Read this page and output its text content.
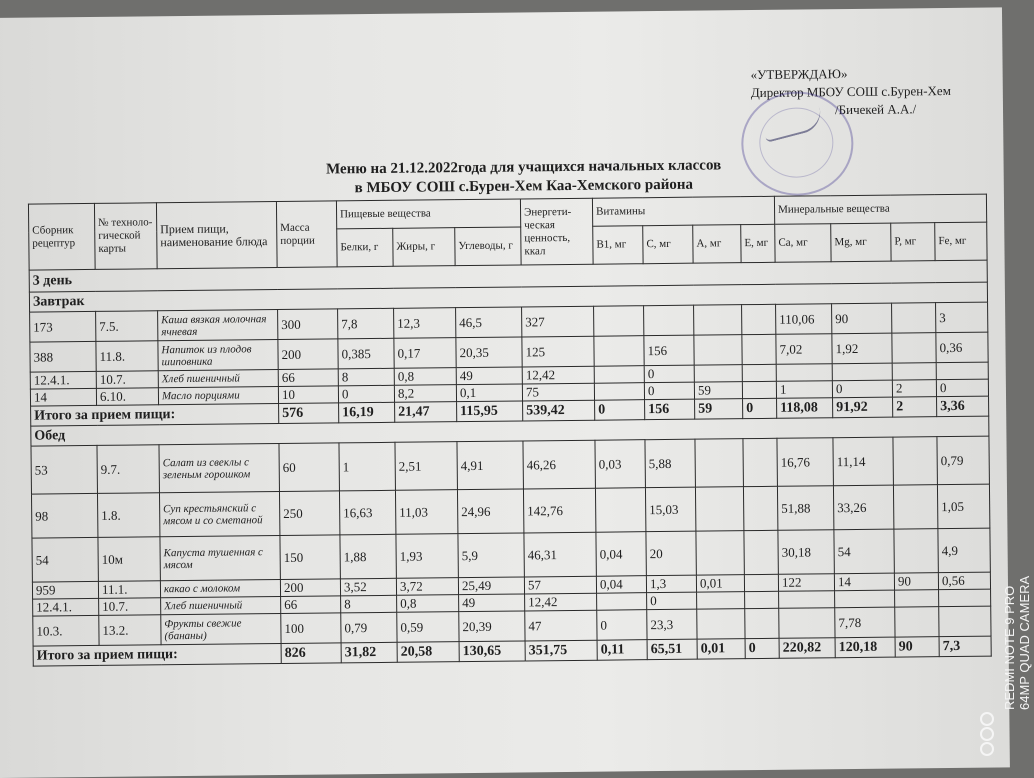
«УТВЕРЖДАЮ»
Директор МБОУ СОШ с.Бурен-Хем
/Бичекей А.А./
Меню на 21.12.2022года для учащихся начальных классов
в МБОУ СОШ с.Бурен-Хем Каа-Хемского района
Сборник рецептур	№ техноло- гической карты	Прием пищи, наименование блюда	Масса порции	Пищевые вещества			Энергети- ческая ценность, ккал	Витамины				Минеральные вещества			
				Белки, г	Жиры, г	Углеводы, г		В1, мг	С, мг	А, мг	Е, мг	Са, мг	Mg, мг	Р, мг	Fe, мг
3 день															
Завтрак															
173	7.5.	Каша вязкая молочная ячневая	300	7,8	12,3	46,5	327					110,06	90		3
388	11.8.	Напиток из плодов шиповника	200	0,385	0,17	20,35	125		156			7,02	1,92		0,36
12.4.1.	10.7.	Хлеб пшеничный	66	8	0,8	49	12,42		0						
14	6.10.	Масло порциями	10	0	8,2	0,1	75		0	59		1	0	2	0
Итого за прием пищи:			576	16,19	21,47	115,95	539,42	0	156	59	0	118,08	91,92	2	3,36
Обед															
53	9.7.	Салат из свеклы с зеленым горошком	60	1	2,51	4,91	46,26	0,03	5,88			16,76	11,14		0,79
98	1.8.	Суп крестьянский с мясом и со сметаной	250	16,63	11,03	24,96	142,76		15,03			51,88	33,26		1,05
54	10м	Капуста тушенная с мясом	150	1,88	1,93	5,9	46,31	0,04	20			30,18	54		4,9
959	11.1.	какао с молоком	200	3,52	3,72	25,49	57	0,04	1,3	0,01		122	14	90	0,56
12.4.1.	10.7.	Хлеб пшеничный	66	8	0,8	49	12,42		0						
10.3.	13.2.	Фрукты свежие (бананы)	100	0,79	0,59	20,39	47	0	23,3				7,78		
Итого за прием пищи:			826	31,82	20,58	130,65	351,75	0,11	65,51	0,01	0	220,82	120,18	90	7,3	REDMI NOTE 9 PRO 64MP QUAD CAMERA
